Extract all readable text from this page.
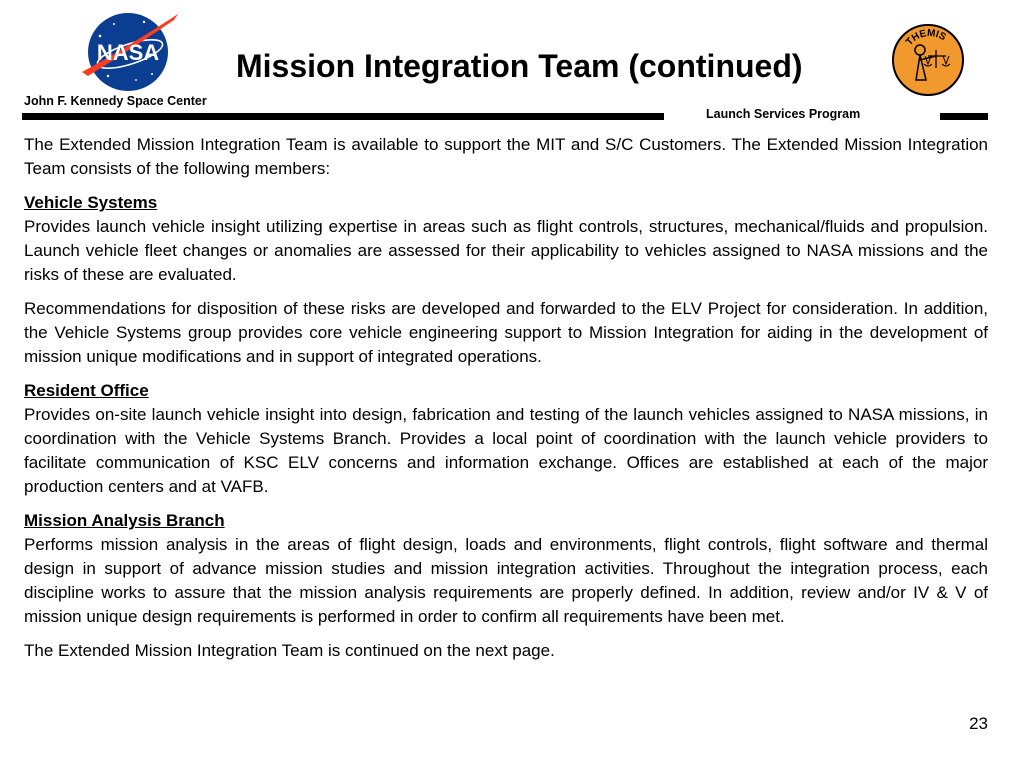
NASA Mission Integration Team (continued)
John F. Kennedy Space Center
THEMIS
Launch Services Program

The Extended Mission Integration Team is available to support the MIT and S/C Customers. The Extended Mission Integration Team consists of the following members:

Vehicle Systems

Provides launch vehicle insight utilizing expertise in areas such as flight controls, structures, mechanical/fluids and propulsion. Launch vehicle fleet changes or anomalies are assessed for their applicability to vehicles assigned to NASA missions and the risks of these are evaluated.

Recommendations for disposition of these risks are developed and forwarded to the ELV Project for consideration. In addition, the Vehicle Systems group provides core vehicle engineering support to Mission Integration for aiding in the development of mission unique modifications and in support of integrated operations.

Resident Office

Provides on-site launch vehicle insight into design, fabrication and testing of the launch vehicles assigned to NASA missions, in coordination with the Vehicle Systems Branch. Provides a local point of coordination with the launch vehicle providers to facilitate communication of KSC ELV concerns and information exchange. Offices are established at each of the major production centers and at VAFB.

Mission Analysis Branch

Performs mission analysis in the areas of flight design, loads and environments, flight controls, flight software and thermal design in support of advance mission studies and mission integration activities. Throughout the integration process, each discipline works to assure that the mission analysis requirements are properly defined. In addition, review and/or IV & V of mission unique design requirements is performed in order to confirm all requirements have been met.

The Extended Mission Integration Team is continued on the next page.

23
